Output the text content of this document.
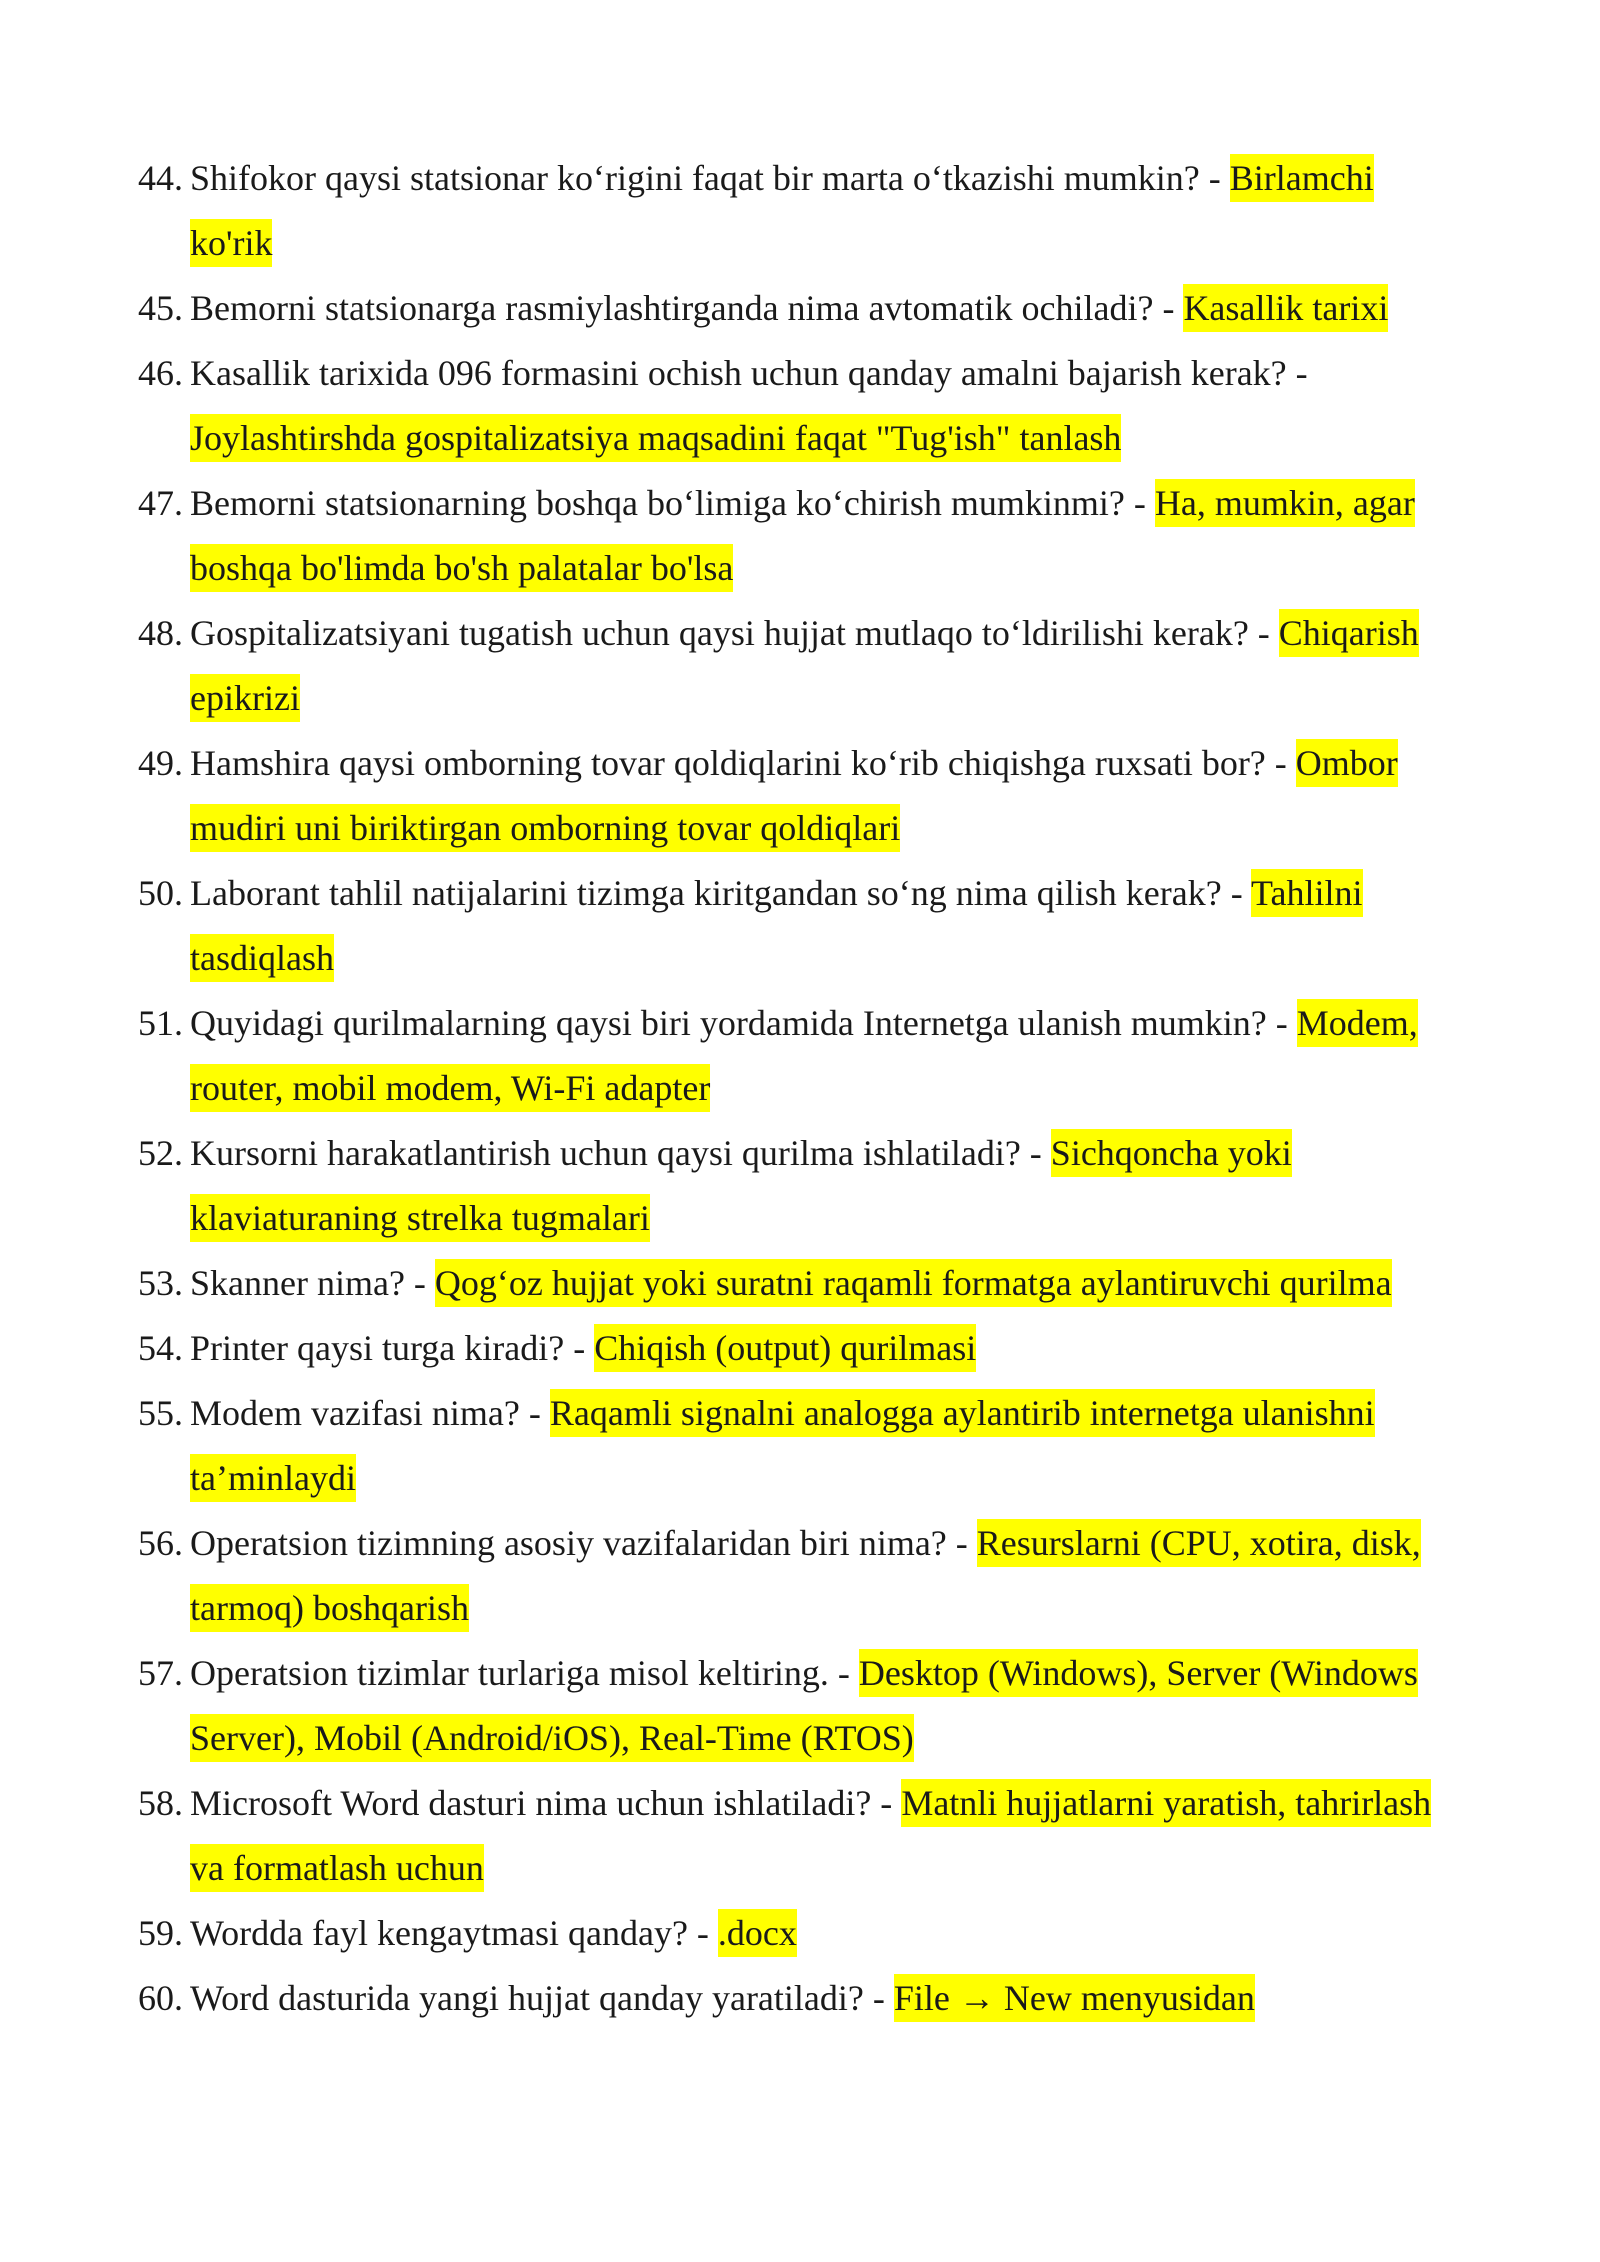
44. Shifokor qaysi statsionar ko‘rigini faqat bir marta o‘tkazishi mumkin? - Birlamchi ko'rik
45. Bemorni statsionarga rasmiylashtirganda nima avtomatik ochiladi? - Kasallik tarixi
46. Kasallik tarixida 096 formasini ochish uchun qanday amalni bajarish kerak? - Joylashtirshda gospitalizatsiya maqsadini faqat "Tug'ish" tanlash
47. Bemorni statsionarning boshqa bo‘limiga ko‘chirish mumkinmi? - Ha, mumkin, agar boshqa bo'limda bo'sh palatalar bo'lsa
48. Gospitalizatsiyani tugatish uchun qaysi hujjat mutlaqo to‘ldirilishi kerak? - Chiqarish epikrizi
49. Hamshira qaysi omborning tovar qoldiqlarini ko‘rib chiqishga ruxsati bor? - Ombor mudiri uni biriktirgan omborning tovar qoldiqlari
50. Laborant tahlil natijalarini tizimga kiritgandan so‘ng nima qilish kerak? - Tahlilni tasdiqlash
51. Quyidagi qurilmalarning qaysi biri yordamida Internetga ulanish mumkin? - Modem, router, mobil modem, Wi-Fi adapter
52. Kursorni harakatlantirish uchun qaysi qurilma ishlatiladi? - Sichqoncha yoki klaviaturaning strelka tugmalari
53. Skanner nima? - Qog‘oz hujjat yoki suratni raqamli formatga aylantiruvchi qurilma
54. Printer qaysi turga kiradi? - Chiqish (output) qurilmasi
55. Modem vazifasi nima? - Raqamli signalni analogga aylantirib internetga ulanishni ta’minlaydi
56. Operatsion tizimning asosiy vazifalaridan biri nima? - Resurslarni (CPU, xotira, disk, tarmoq) boshqarish
57. Operatsion tizimlar turlariga misol keltiring. - Desktop (Windows), Server (Windows Server), Mobil (Android/iOS), Real-Time (RTOS)
58. Microsoft Word dasturi nima uchun ishlatiladi? - Matnli hujjatlarni yaratish, tahrirlash va formatlash uchun
59. Wordda fayl kengaytmasi qanday? - .docx
60. Word dasturida yangi hujjat qanday yaratiladi? - File → New menyusidan
